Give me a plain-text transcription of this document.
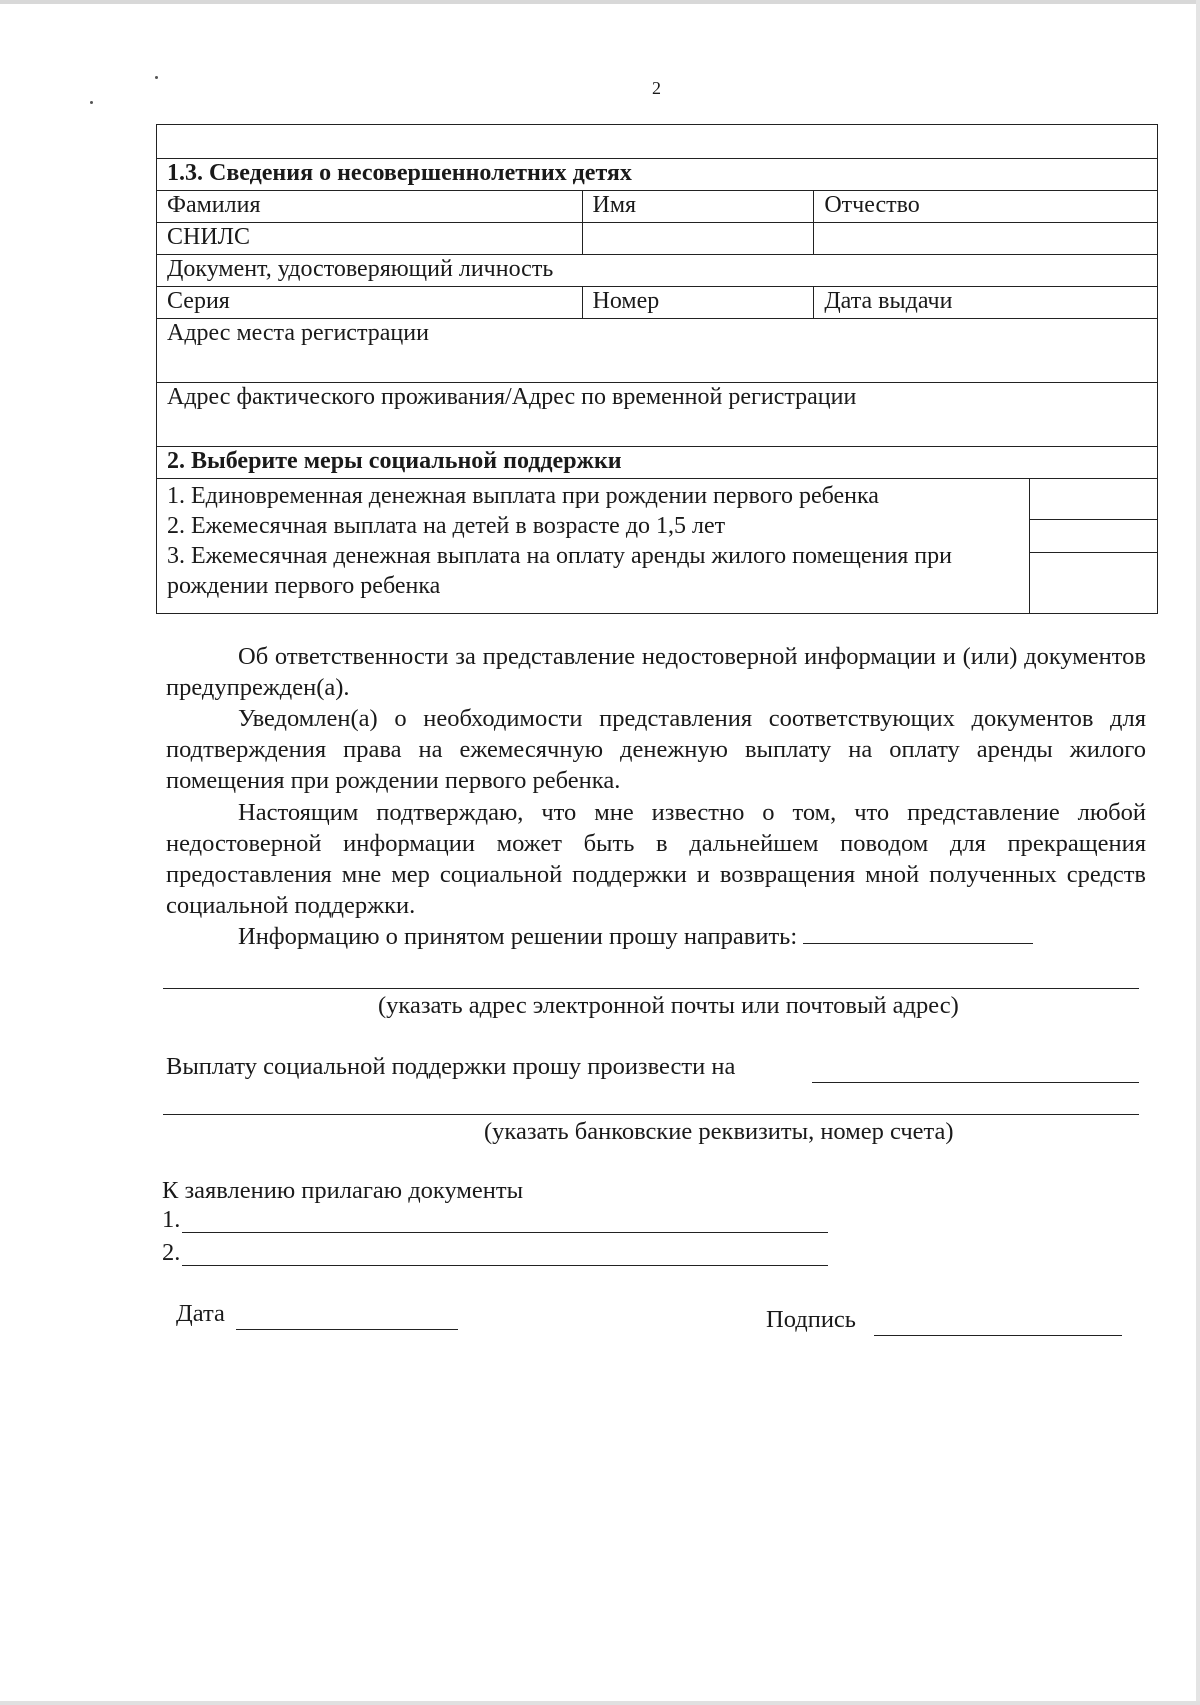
2

1.3. Сведения о несовершеннолетних детях			
Фамилия	Имя	Отчество	
СНИЛС			
Документ, удостоверяющий личность			
Серия	Номер	Дата выдачи	
Адрес места регистрации			
Адрес фактического проживания/Адрес по временной регистрации			
2. Выберите меры социальной поддержки			

1. Единовременная денежная выплата при рождении первого ребенка
2. Ежемесячная выплата на детей в возрасте до 1,5 лет
3. Ежемесячная денежная выплата на оплату аренды жилого помещения при рождении первого ребенка			

Об ответственности за представление недостоверной информации и (или) документов предупрежден(а).

Уведомлен(а) о необходимости представления соответствующих документов для подтверждения права на ежемесячную денежную выплату на оплату аренды жилого помещения при рождении первого ребенка.

Настоящим подтверждаю, что мне известно о том, что представление любой недостоверной информации может быть в дальнейшем поводом для прекращения предоставления мне мер социальной поддержки и возвращения мной полученных средств социальной поддержки.

Информацию о принятом решении прошу направить:

(указать адрес электронной почты или почтовый адрес)
Выплату социальной поддержки прошу произвести на
(указать банковские реквизиты, номер счета)
К заявлению прилагаю документы
1.
2.
Дата	Подпись
